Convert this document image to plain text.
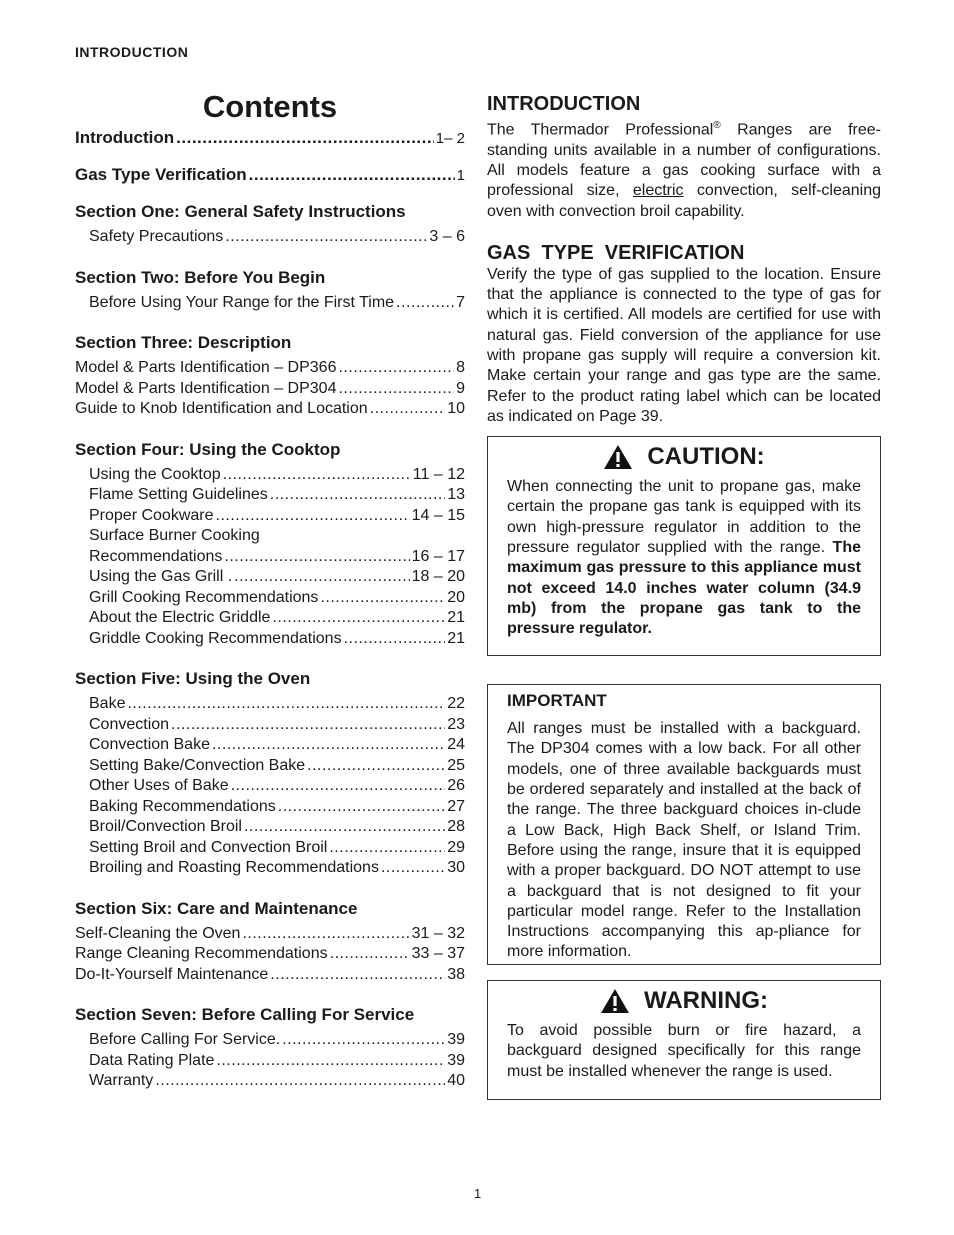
INTRODUCTION
Contents
Introduction .....	1– 2
Gas Type Verification .....	1
Section One: General Safety Instructions
Safety Precautions .....	3 – 6
Section Two: Before You Begin
Before Using Your Range for the First Time .....	7
Section Three: Description
Model & Parts Identification – DP366 .....	8
Model & Parts Identification – DP304 .....	9
Guide to Knob Identification and Location .....	10
Section Four: Using the Cooktop
Using the Cooktop .....	11 – 12
Flame Setting Guidelines .....	13
Proper Cookware .....	14 – 15
Surface Burner Cooking
Recommendations .....	16 – 17
Using the Gas Grill . .....	18 – 20
Grill Cooking Recommendations .....	20
About the Electric Griddle .....	21
Griddle Cooking Recommendations .....	21
Section Five: Using the Oven
Bake .....	22
Convection .....	23
Convection Bake .....	24
Setting Bake/Convection Bake .....	25
Other Uses of Bake .....	26
Baking Recommendations .....	27
Broil/Convection Broil .....	28
Setting Broil and Convection Broil .....	29
Broiling and Roasting Recommendations .....	30
Section Six: Care and Maintenance
Self-Cleaning the Oven .....	31 – 32
Range Cleaning Recommendations .....	33 – 37
Do-It-Yourself Maintenance .....	38
Section Seven: Before Calling For Service
Before Calling For Service. .....	39
Data Rating Plate .....	39
Warranty .....	40
INTRODUCTION

The Thermador Professional® Ranges are free-standing units available in a number of configurations. All models feature a gas cooking surface with a professional size, electric convection, self-cleaning oven with convection broil capability.

GAS  TYPE  VERIFICATION

Verify the type of gas supplied to the location. Ensure that the appliance is connected to the type of gas for which it is certified. All models are certified for use with natural gas. Field conversion of the appliance for use with propane gas supply will require a conversion kit. Make certain your range and gas type are the same. Refer to the product rating label which can be located as indicated on Page 39.

CAUTION:

When connecting the unit to propane gas, make certain the propane gas tank is equipped with its own high-pressure regulator in addition to the pressure regulator supplied with the range. The maximum gas pressure to this appliance must not exceed 14.0 inches water column (34.9 mb) from the propane gas tank to the pressure regulator.

IMPORTANT

All ranges must be installed with a backguard. The DP304 comes with a low back. For all other models, one of three available backguards must be ordered separately and installed at the back of the range. The three backguard choices in-clude a Low Back, High Back Shelf, or Island Trim. Before using the range, insure that it is equipped with a proper backguard. DO NOT attempt to use a backguard that is not designed to fit your particular model range. Refer to the Installation Instructions accompanying this ap-pliance for more information.

WARNING:

To avoid possible burn or fire hazard, a backguard designed specifically for this range must be installed whenever the range is used.

1
